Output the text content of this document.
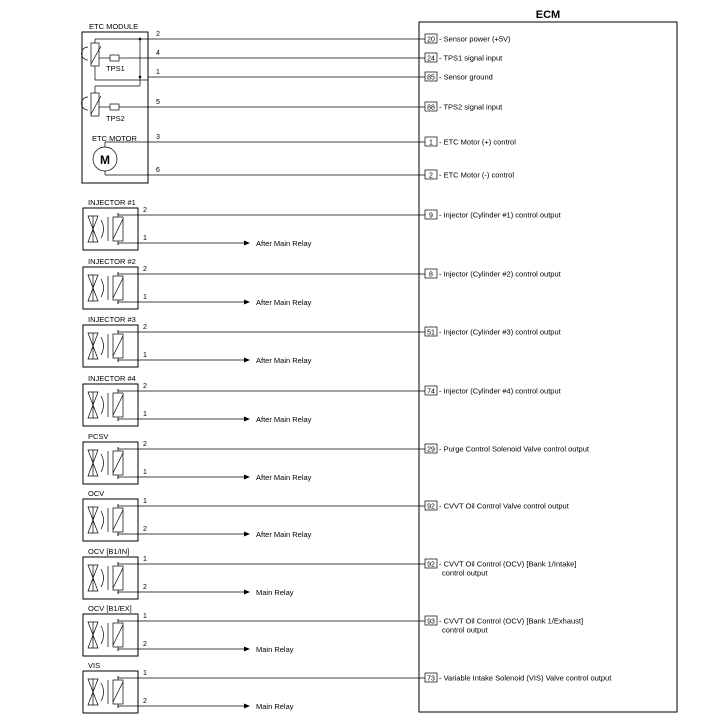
ECM
ETC MODULE
TPS1
TPS2
ETC MOTOR
M
2
20 - Sensor power (+5V)
4
24 - TPS1 signal input
1
85 - Sensor ground
5
88 - TPS2 signal input
3
1 - ETC Motor (+) control
6
2 - ETC Motor (-) control
INJECTOR #1
2
9 - Injector (Cylinder #1) control output
1
After Main Relay
INJECTOR #2
2
8 - Injector (Cylinder #2) control output
1
After Main Relay
INJECTOR #3
2
51 - Injector (Cylinder #3) control output
1
After Main Relay
INJECTOR #4
2
74 - Injector (Cylinder #4) control output
1
After Main Relay
PCSV
2
29 - Purge Control Solenoid Valve control output
1
After Main Relay
OCV
1
92 - CVVT Oil Control Valve control output
2
After Main Relay
OCV [B1/IN]
1
92 - CVVT Oil Control (OCV) [Bank 1/Intake]
control output
2
Main Relay
OCV [B1/EX]
1
93 - CVVT Oil Control (OCV) [Bank 1/Exhaust]
control output
2
Main Relay
VIS
1
73 - Variable Intake Solenoid (VIS) Valve control output
2
Main Relay
